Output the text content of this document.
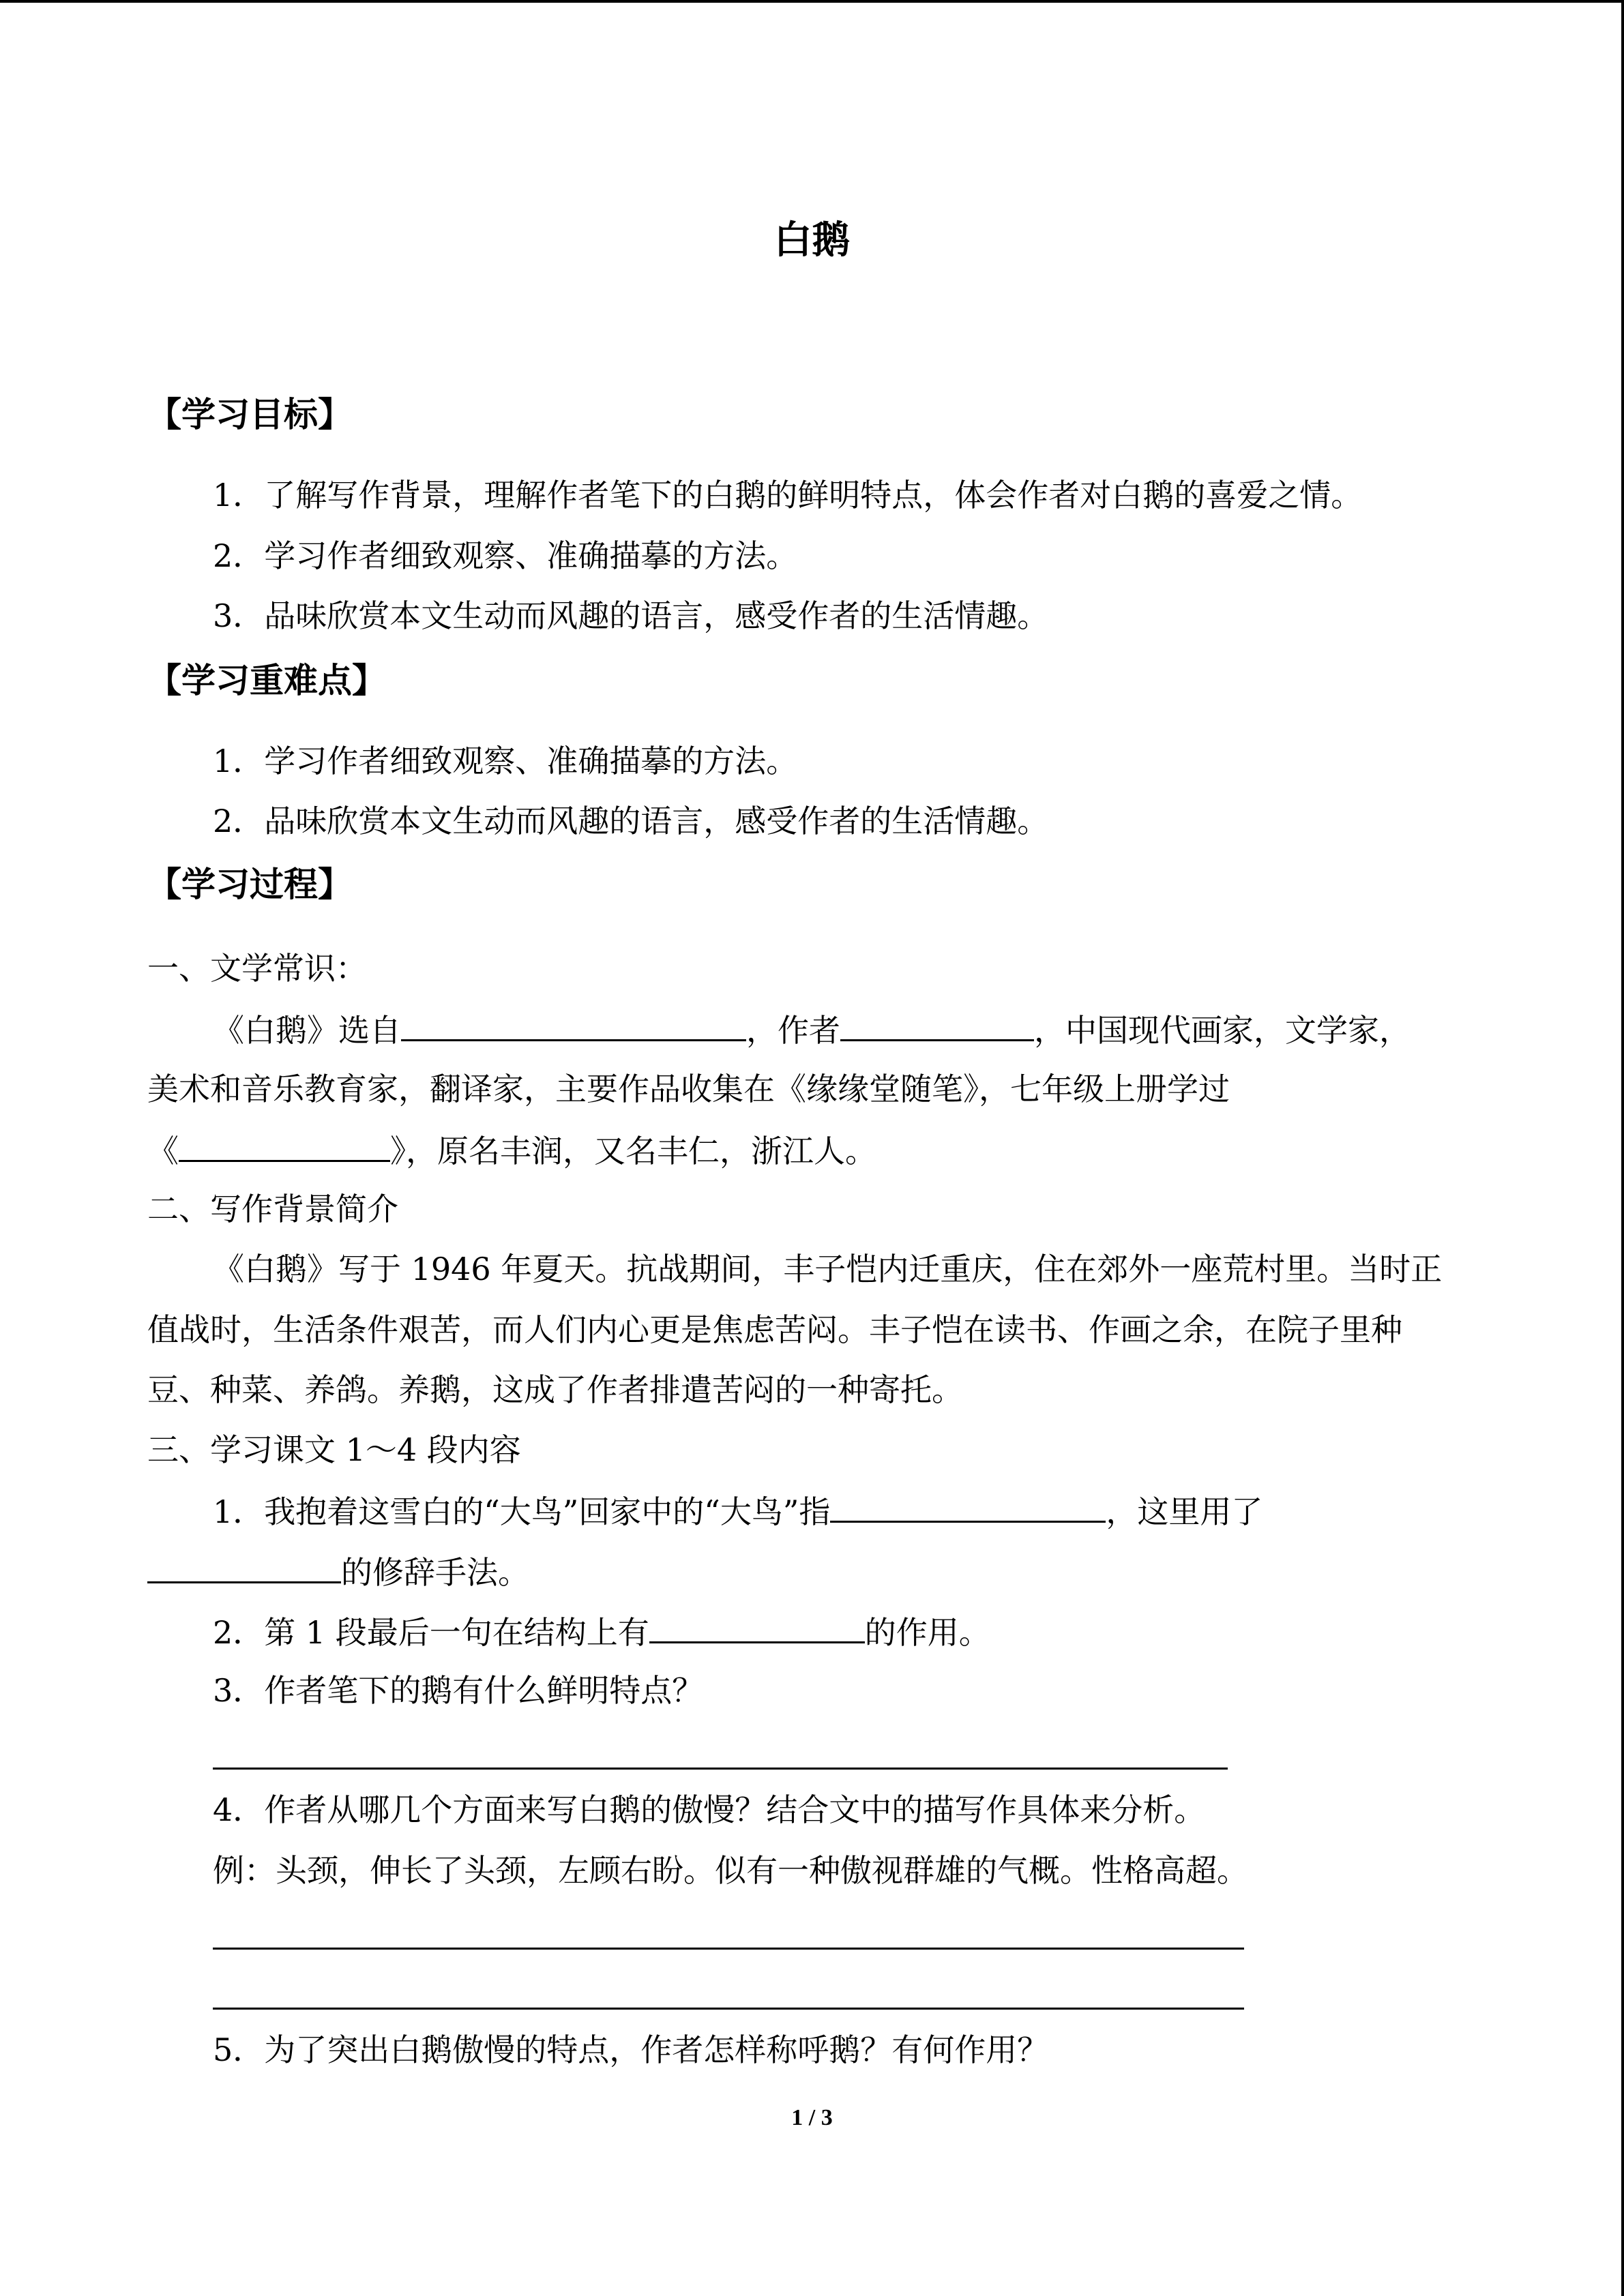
白鹅
【学习目标】
1．了解写作背景，理解作者笔下的白鹅的鲜明特点，体会作者对白鹅的喜爱之情。
2．学习作者细致观察、准确描摹的方法。
3．品味欣赏本文生动而风趣的语言，感受作者的生活情趣。
【学习重难点】
1．学习作者细致观察、准确描摹的方法。
2．品味欣赏本文生动而风趣的语言，感受作者的生活情趣。
【学习过程】
一、文学常识：
《白鹅》选自	，作者	，中国现代画家，文学家，
美术和音乐教育家，翻译家，主要作品收集在《缘缘堂随笔》，七年级上册学过
《	》，原名丰润，又名丰仁，浙江人。
二、写作背景简介
《白鹅》写于 1946 年夏天。抗战期间，丰子恺内迁重庆，住在郊外一座荒村里。当时正
值战时，生活条件艰苦，而人们内心更是焦虑苦闷。丰子恺在读书、作画之余，在院子里种
豆、种菜、养鸽。养鹅，这成了作者排遣苦闷的一种寄托。
三、学习课文 1～4 段内容
1．我抱着这雪白的“大鸟”回家中的“大鸟”指	，这里用了
的修辞手法。
2．第 1 段最后一句在结构上有	的作用。
3．作者笔下的鹅有什么鲜明特点？
4．作者从哪几个方面来写白鹅的傲慢？结合文中的描写作具体来分析。
例：头颈，伸长了头颈，左顾右盼。似有一种傲视群雄的气概。性格高超。
5．为了突出白鹅傲慢的特点，作者怎样称呼鹅？有何作用？
1 / 3
